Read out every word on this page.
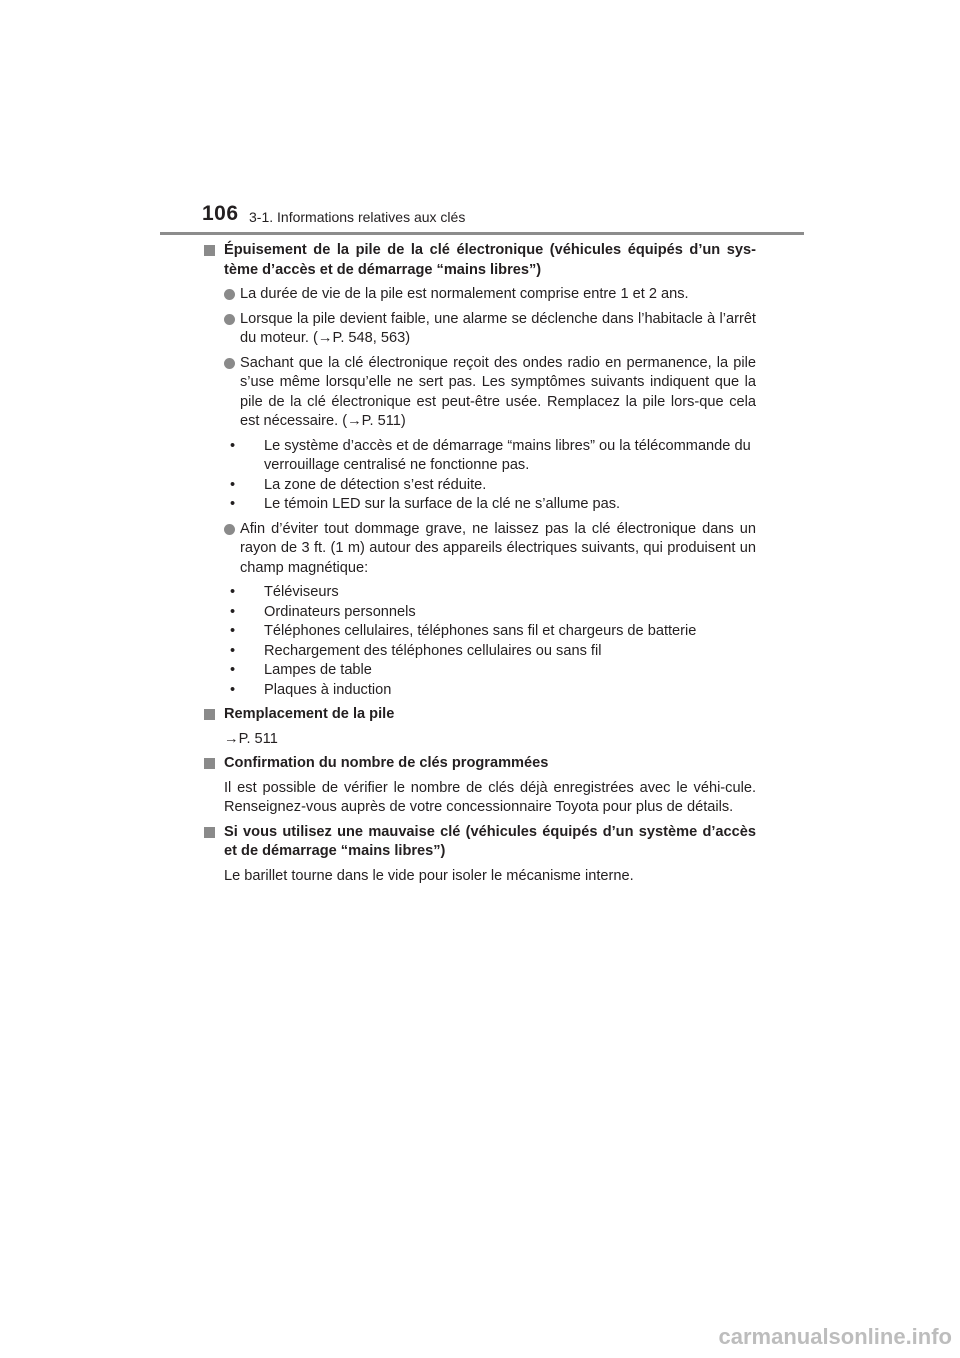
106 3-1. Informations relatives aux clés
Épuisement de la pile de la clé électronique (véhicules équipés d’un sys-tème d’accès et de démarrage “mains libres”)
La durée de vie de la pile est normalement comprise entre 1 et 2 ans.
Lorsque la pile devient faible, une alarme se déclenche dans l’habitacle à l’arrêt du moteur. (→P. 548, 563)
Sachant que la clé électronique reçoit des ondes radio en permanence, la pile s’use même lorsqu’elle ne sert pas. Les symptômes suivants indiquent que la pile de la clé électronique est peut-être usée. Remplacez la pile lors-que cela est nécessaire. (→P. 511)
• Le système d’accès et de démarrage “mains libres” ou la télécommande du verrouillage centralisé ne fonctionne pas.
• La zone de détection s’est réduite.
• Le témoin LED sur la surface de la clé ne s’allume pas.
Afin d’éviter tout dommage grave, ne laissez pas la clé électronique dans un rayon de 3 ft. (1 m) autour des appareils électriques suivants, qui produisent un champ magnétique:
• Téléviseurs
• Ordinateurs personnels
• Téléphones cellulaires, téléphones sans fil et chargeurs de batterie
• Rechargement des téléphones cellulaires ou sans fil
• Lampes de table
• Plaques à induction
Remplacement de la pile
→P. 511
Confirmation du nombre de clés programmées
Il est possible de vérifier le nombre de clés déjà enregistrées avec le véhi-cule. Renseignez-vous auprès de votre concessionnaire Toyota pour plus de détails.
Si vous utilisez une mauvaise clé (véhicules équipés d’un système d’accès et de démarrage “mains libres”)
Le barillet tourne dans le vide pour isoler le mécanisme interne.
carmanualsonline.info
